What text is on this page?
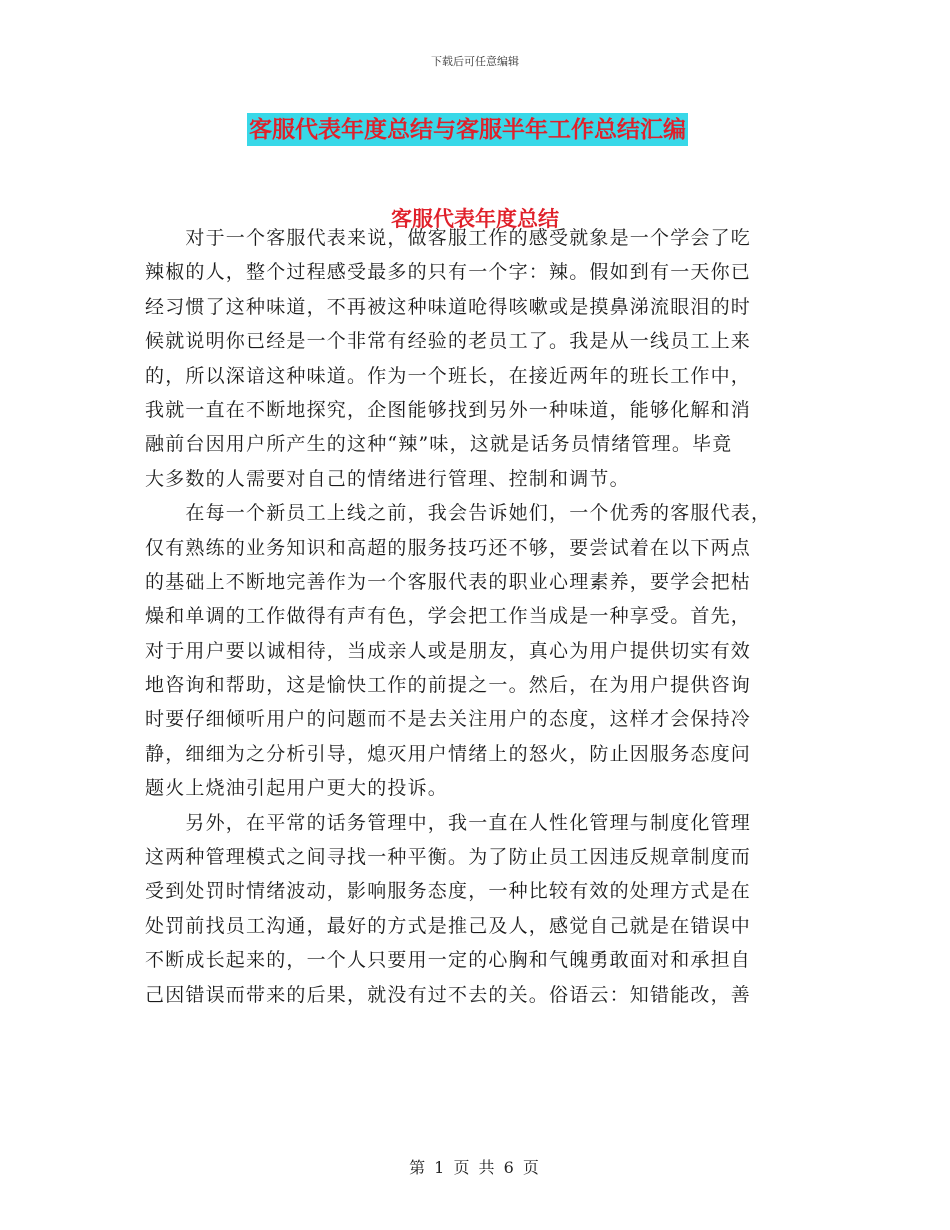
下载后可任意编辑
客服代表年度总结与客服半年工作总结汇编
客服代表年度总结
　　对于一个客服代表来说，做客服工作的感受就象是一个学会了吃
辣椒的人，整个过程感受最多的只有一个字：辣。假如到有一天你已
经习惯了这种味道，不再被这种味道呛得咳嗽或是摸鼻涕流眼泪的时
候就说明你已经是一个非常有经验的老员工了。我是从一线员工上来
的，所以深谙这种味道。作为一个班长，在接近两年的班长工作中，
我就一直在不断地探究，企图能够找到另外一种味道，能够化解和消
融前台因用户所产生的这种“辣”味，这就是话务员情绪管理。毕竟
大多数的人需要对自己的情绪进行管理、控制和调节。
　　在每一个新员工上线之前，我会告诉她们，一个优秀的客服代表，
仅有熟练的业务知识和高超的服务技巧还不够，要尝试着在以下两点
的基础上不断地完善作为一个客服代表的职业心理素养，要学会把枯
燥和单调的工作做得有声有色，学会把工作当成是一种享受。首先，
对于用户要以诚相待，当成亲人或是朋友，真心为用户提供切实有效
地咨询和帮助，这是愉快工作的前提之一。然后，在为用户提供咨询
时要仔细倾听用户的问题而不是去关注用户的态度，这样才会保持冷
静，细细为之分析引导，熄灭用户情绪上的怒火，防止因服务态度问
题火上烧油引起用户更大的投诉。
　　另外，在平常的话务管理中，我一直在人性化管理与制度化管理
这两种管理模式之间寻找一种平衡。为了防止员工因违反规章制度而
受到处罚时情绪波动，影响服务态度，一种比较有效的处理方式是在
处罚前找员工沟通，最好的方式是推己及人，感觉自己就是在错误中
不断成长起来的，一个人只要用一定的心胸和气魄勇敢面对和承担自
己因错误而带来的后果，就没有过不去的关。俗语云：知错能改，善
第 1 页 共 6 页
